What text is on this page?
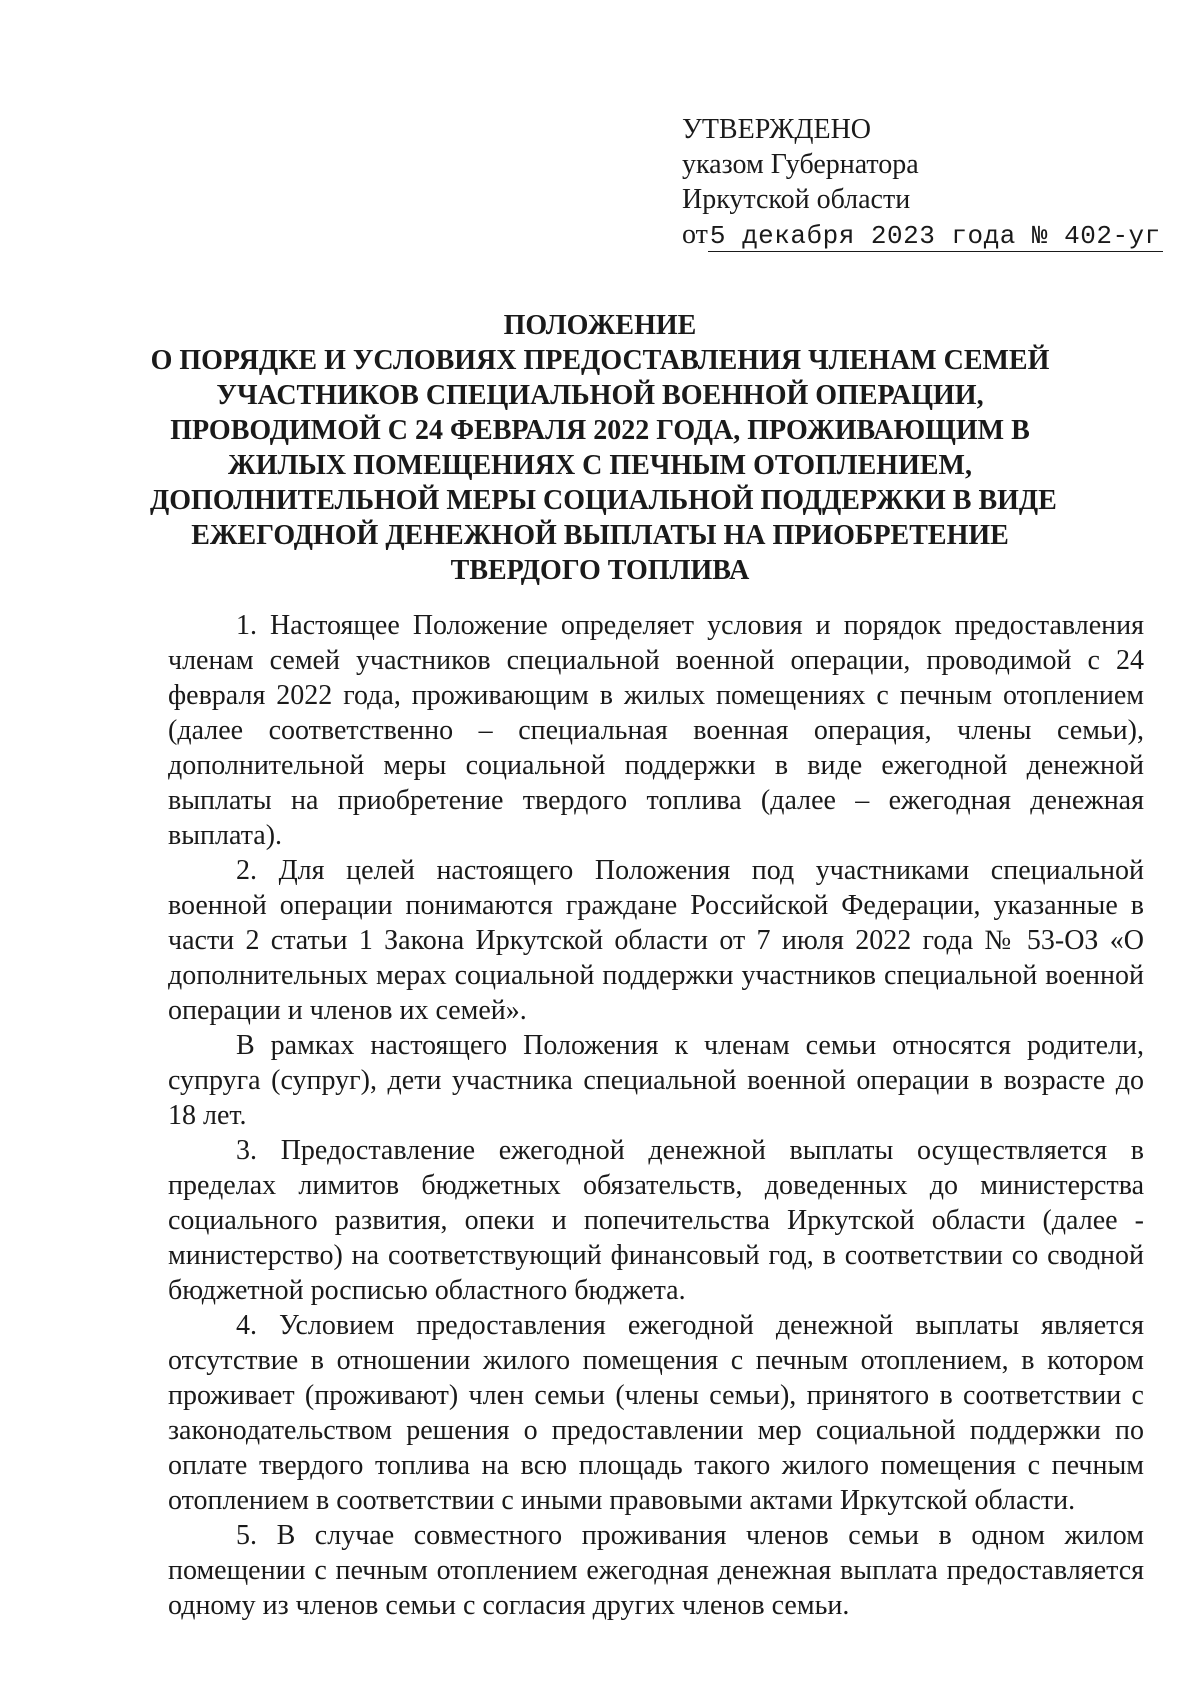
УТВЕРЖДЕНО
указом Губернатора
Иркутской области
от5 декабря 2023 года № 402-уг
ПОЛОЖЕНИЕ
О ПОРЯДКЕ И УСЛОВИЯХ ПРЕДОСТАВЛЕНИЯ ЧЛЕНАМ СЕМЕЙ
УЧАСТНИКОВ СПЕЦИАЛЬНОЙ ВОЕННОЙ ОПЕРАЦИИ,
ПРОВОДИМОЙ С 24 ФЕВРАЛЯ 2022 ГОДА, ПРОЖИВАЮЩИМ В
ЖИЛЫХ ПОМЕЩЕНИЯХ С ПЕЧНЫМ ОТОПЛЕНИЕМ,
ДОПОЛНИТЕЛЬНОЙ МЕРЫ СОЦИАЛЬНОЙ ПОДДЕРЖКИ В ВИДЕ
ЕЖЕГОДНОЙ ДЕНЕЖНОЙ ВЫПЛАТЫ НА ПРИОБРЕТЕНИЕ
ТВЕРДОГО ТОПЛИВА

1. Настоящее Положение определяет условия и порядок предоставления членам семей участников специальной военной операции, проводимой с 24 февраля 2022 года, проживающим в жилых помещениях с печным отоплением (далее соответственно – специальная военная операция, члены семьи), дополнительной меры социальной поддержки в виде ежегодной денежной выплаты на приобретение твердого топлива (далее – ежегодная денежная выплата).

2. Для целей настоящего Положения под участниками специальной военной операции понимаются граждане Российской Федерации, указанные в части 2 статьи 1 Закона Иркутской области от 7 июля 2022 года № 53-ОЗ «О дополнительных мерах социальной поддержки участников специальной военной операции и членов их семей».

В рамках настоящего Положения к членам семьи относятся родители, супруга (супруг), дети участника специальной военной операции в возрасте до 18 лет.

3. Предоставление ежегодной денежной выплаты осуществляется в пределах лимитов бюджетных обязательств, доведенных до министерства социального развития, опеки и попечительства Иркутской области (далее - министерство) на соответствующий финансовый год, в соответствии со сводной бюджетной росписью областного бюджета.

4. Условием предоставления ежегодной денежной выплаты является отсутствие в отношении жилого помещения с печным отоплением, в котором проживает (проживают) член семьи (члены семьи), принятого в соответствии с законодательством решения о предоставлении мер социальной поддержки по оплате твердого топлива на всю площадь такого жилого помещения с печным отоплением в соответствии с иными правовыми актами Иркутской области.

5. В случае совместного проживания членов семьи в одном жилом помещении с печным отоплением ежегодная денежная выплата предоставляется одному из членов семьи с согласия других членов семьи.
